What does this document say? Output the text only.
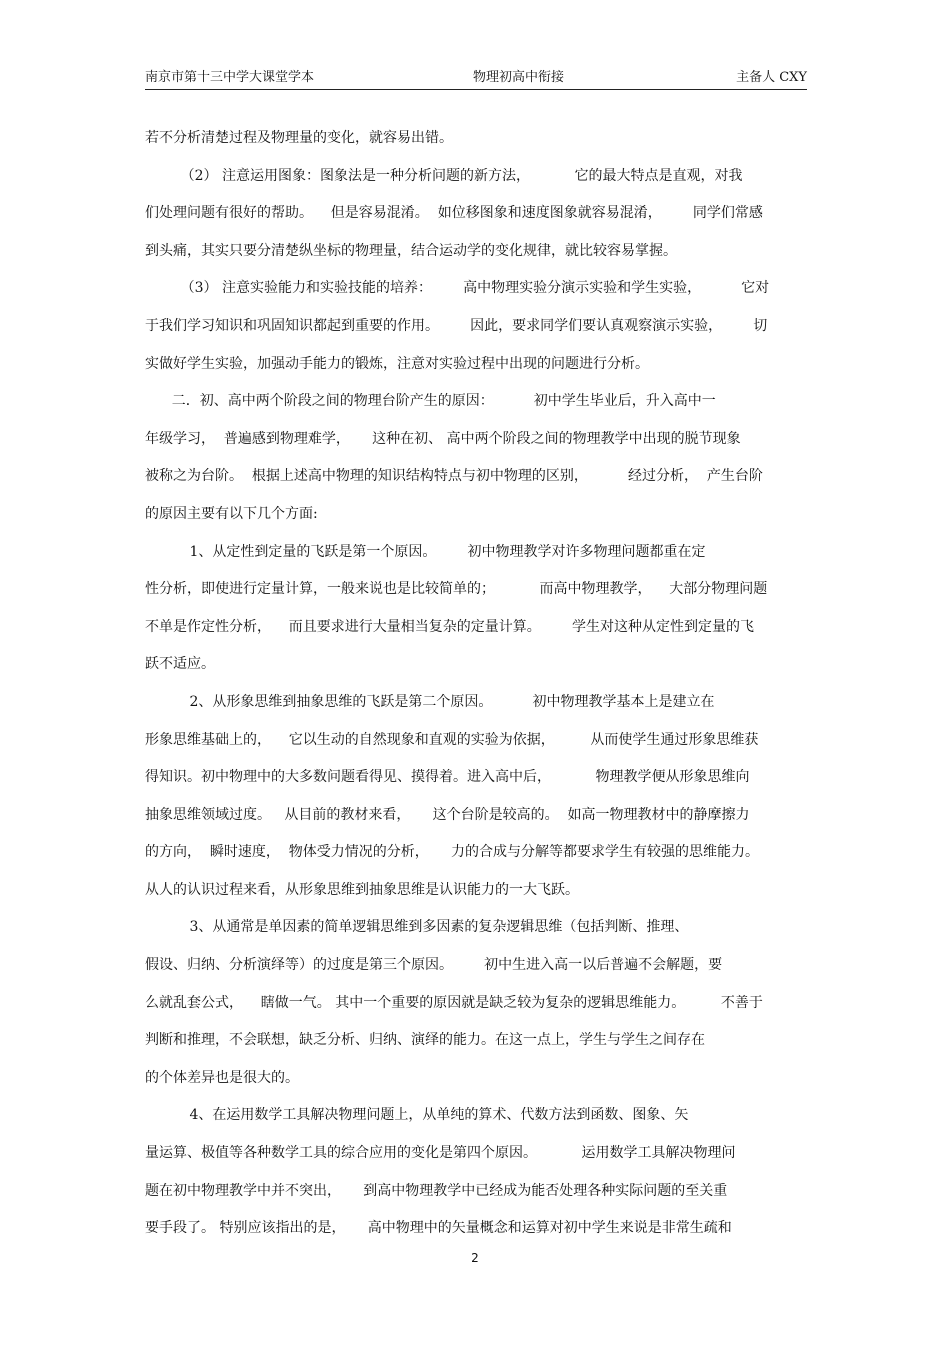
南京市第十三中学大课堂学本	物理初高中衔接	主备人 CXY
若不分析清楚过程及物理量的变化，就容易出错。
（2） 注意运用图象：图象法是一种分析问题的新方法，          它的最大特点是直观，对我
们处理问题有很好的帮助。    但是容易混淆。  如位移图象和速度图象就容易混淆，       同学们常感
到头痛，其实只要分清楚纵坐标的物理量，结合运动学的变化规律，就比较容易掌握。
（3） 注意实验能力和实验技能的培养：       高中物理实验分演示实验和学生实验，         它对
于我们学习知识和巩固知识都起到重要的作用。       因此，要求同学们要认真观察演示实验，       切
实做好学生实验，加强动手能力的锻炼，注意对实验过程中出现的问题进行分析。
二．初、高中两个阶段之间的物理台阶产生的原因：         初中学生毕业后，升入高中一
年级学习，  普遍感到物理难学，     这种在初、 高中两个阶段之间的物理教学中出现的脱节现象
被称之为台阶。  根据上述高中物理的知识结构特点与初中物理的区别，         经过分析，  产生台阶
的原因主要有以下几个方面:
1、从定性到定量的飞跃是第一个原因。       初中物理教学对许多物理问题都重在定
性分析，即使进行定量计算，一般来说也是比较简单的；          而高中物理教学，    大部分物理问题
不单是作定性分析，    而且要求进行大量相当复杂的定量计算。       学生对这种从定性到定量的飞
跃不适应。
2、从形象思维到抽象思维的飞跃是第二个原因。         初中物理教学基本上是建立在
形象思维基础上的，    它以生动的自然现象和直观的实验为依据，        从而使学生通过形象思维获
得知识。初中物理中的大多数问题看得见、摸得着。进入高中后，          物理教学便从形象思维向
抽象思维领域过度。   从目前的教材来看，     这个台阶是较高的。  如高一物理教材中的静摩擦力
的方向，  瞬时速度，  物体受力情况的分析，     力的合成与分解等都要求学生有较强的思维能力。
从人的认识过程来看，从形象思维到抽象思维是认识能力的一大飞跃。
3、从通常是单因素的简单逻辑思维到多因素的复杂逻辑思维（包括判断、推理、
假设、归纳、分析演绎等）的过度是第三个原因。       初中生进入高一以后普遍不会解题，要
么就乱套公式，    瞎做一气。 其中一个重要的原因就是缺乏较为复杂的逻辑思维能力。        不善于
判断和推理，不会联想，缺乏分析、归纳、演绎的能力。在这一点上，学生与学生之间存在
的个体差异也是很大的。
4、在运用数学工具解决物理问题上，从单纯的算术、代数方法到函数、图象、矢
量运算、极值等各种数学工具的综合应用的变化是第四个原因。          运用数学工具解决物理问
题在初中物理教学中并不突出，     到高中物理教学中已经成为能否处理各种实际问题的至关重
要手段了。 特别应该指出的是，     高中物理中的矢量概念和运算对初中学生来说是非常生疏和
2
